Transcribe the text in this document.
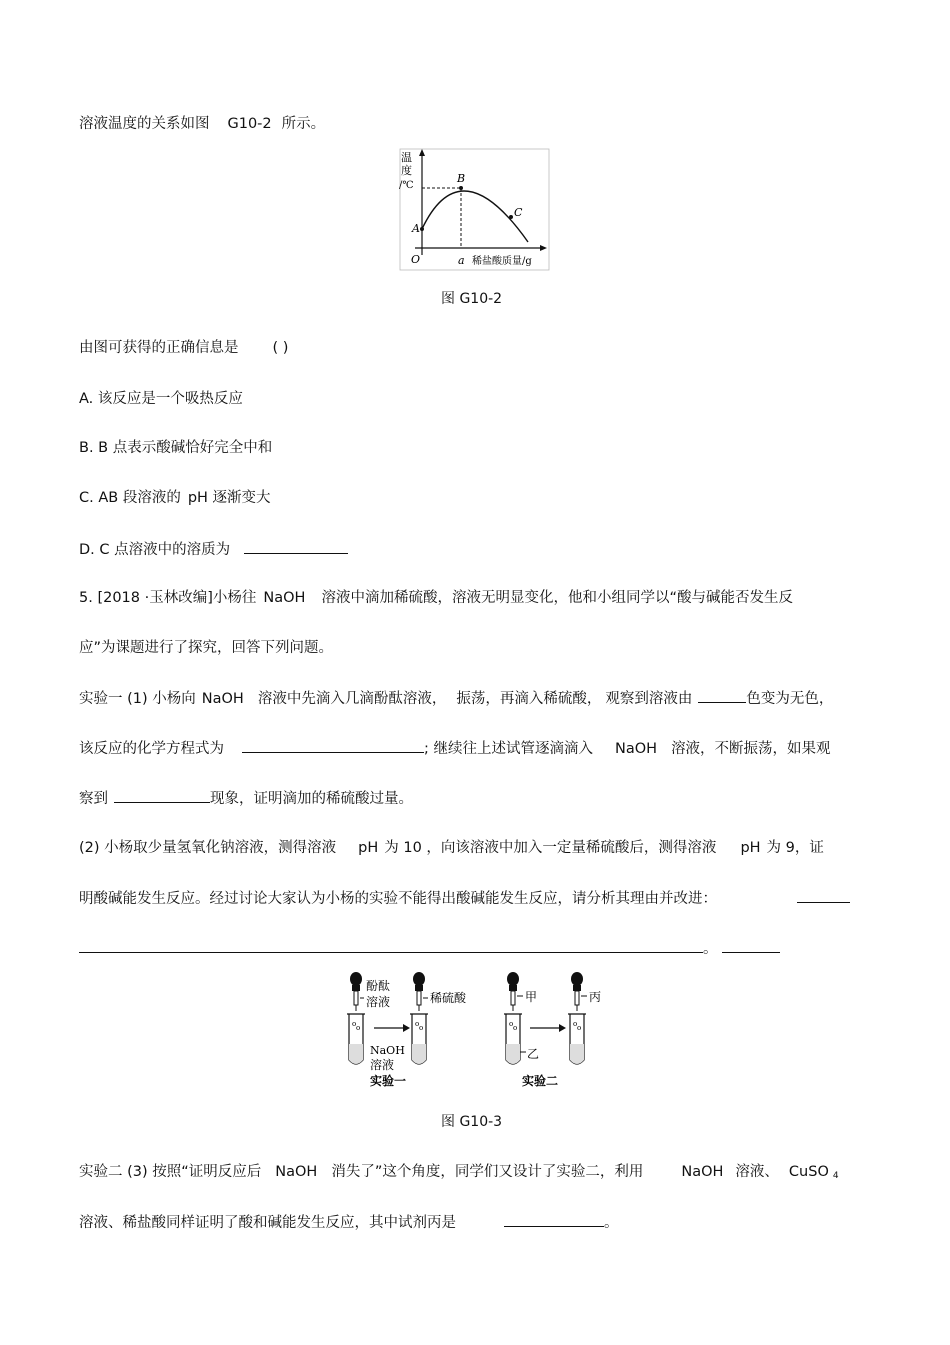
溶液温度的关系如图 G10-2 所示。
温
度
/℃
A
B
C
O	a 稀盐酸质量/g
图 G10-2
由图可获得的正确信息是 ( )
A. 该反应是一个吸热反应
B. B 点表示酸碱恰好完全中和
C. AB 段溶液的 pH 逐渐变大
D. C 点溶液中的溶质为
5. [2018 ·玉林改编]小杨往 NaOH 溶液中滴加稀硫酸，溶液无明显变化，他和小组同学以“酸与碱能否发生反
应”为课题进行了探究，回答下列问题。
实验一 (1) 小杨向 NaOH 溶液中先滴入几滴酚酞溶液， 振荡，再滴入稀硫酸， 观察到溶液由	色变为无色，
该反应的化学方程式为	; 继续往上述试管逐滴滴入 NaOH 溶液，不断振荡，如果观
察到	现象，证明滴加的稀硫酸过量。
(2) 小杨取少量氢氧化钠溶液，测得溶液 pH 为 10 ，向该溶液中加入一定量稀硫酸后，测得溶液 pH 为 9，证
明酸碱能发生反应。经过讨论大家认为小杨的实验不能得出酸碱能发生反应，请分析其理由并改进：
。
酚酞
溶液
o o
NaOH
溶液
稀硫酸
o o
实验一
甲
o o
乙
丙
o o
实验二
图 G10-3
实验二 (3) 按照“证明反应后 NaOH 消失了”这个角度，同学们又设计了实验二，利用	NaOH 溶液、 CuSO $_4$
溶液、稀盐酸同样证明了酸和碱能发生反应，其中试剂丙是	。
